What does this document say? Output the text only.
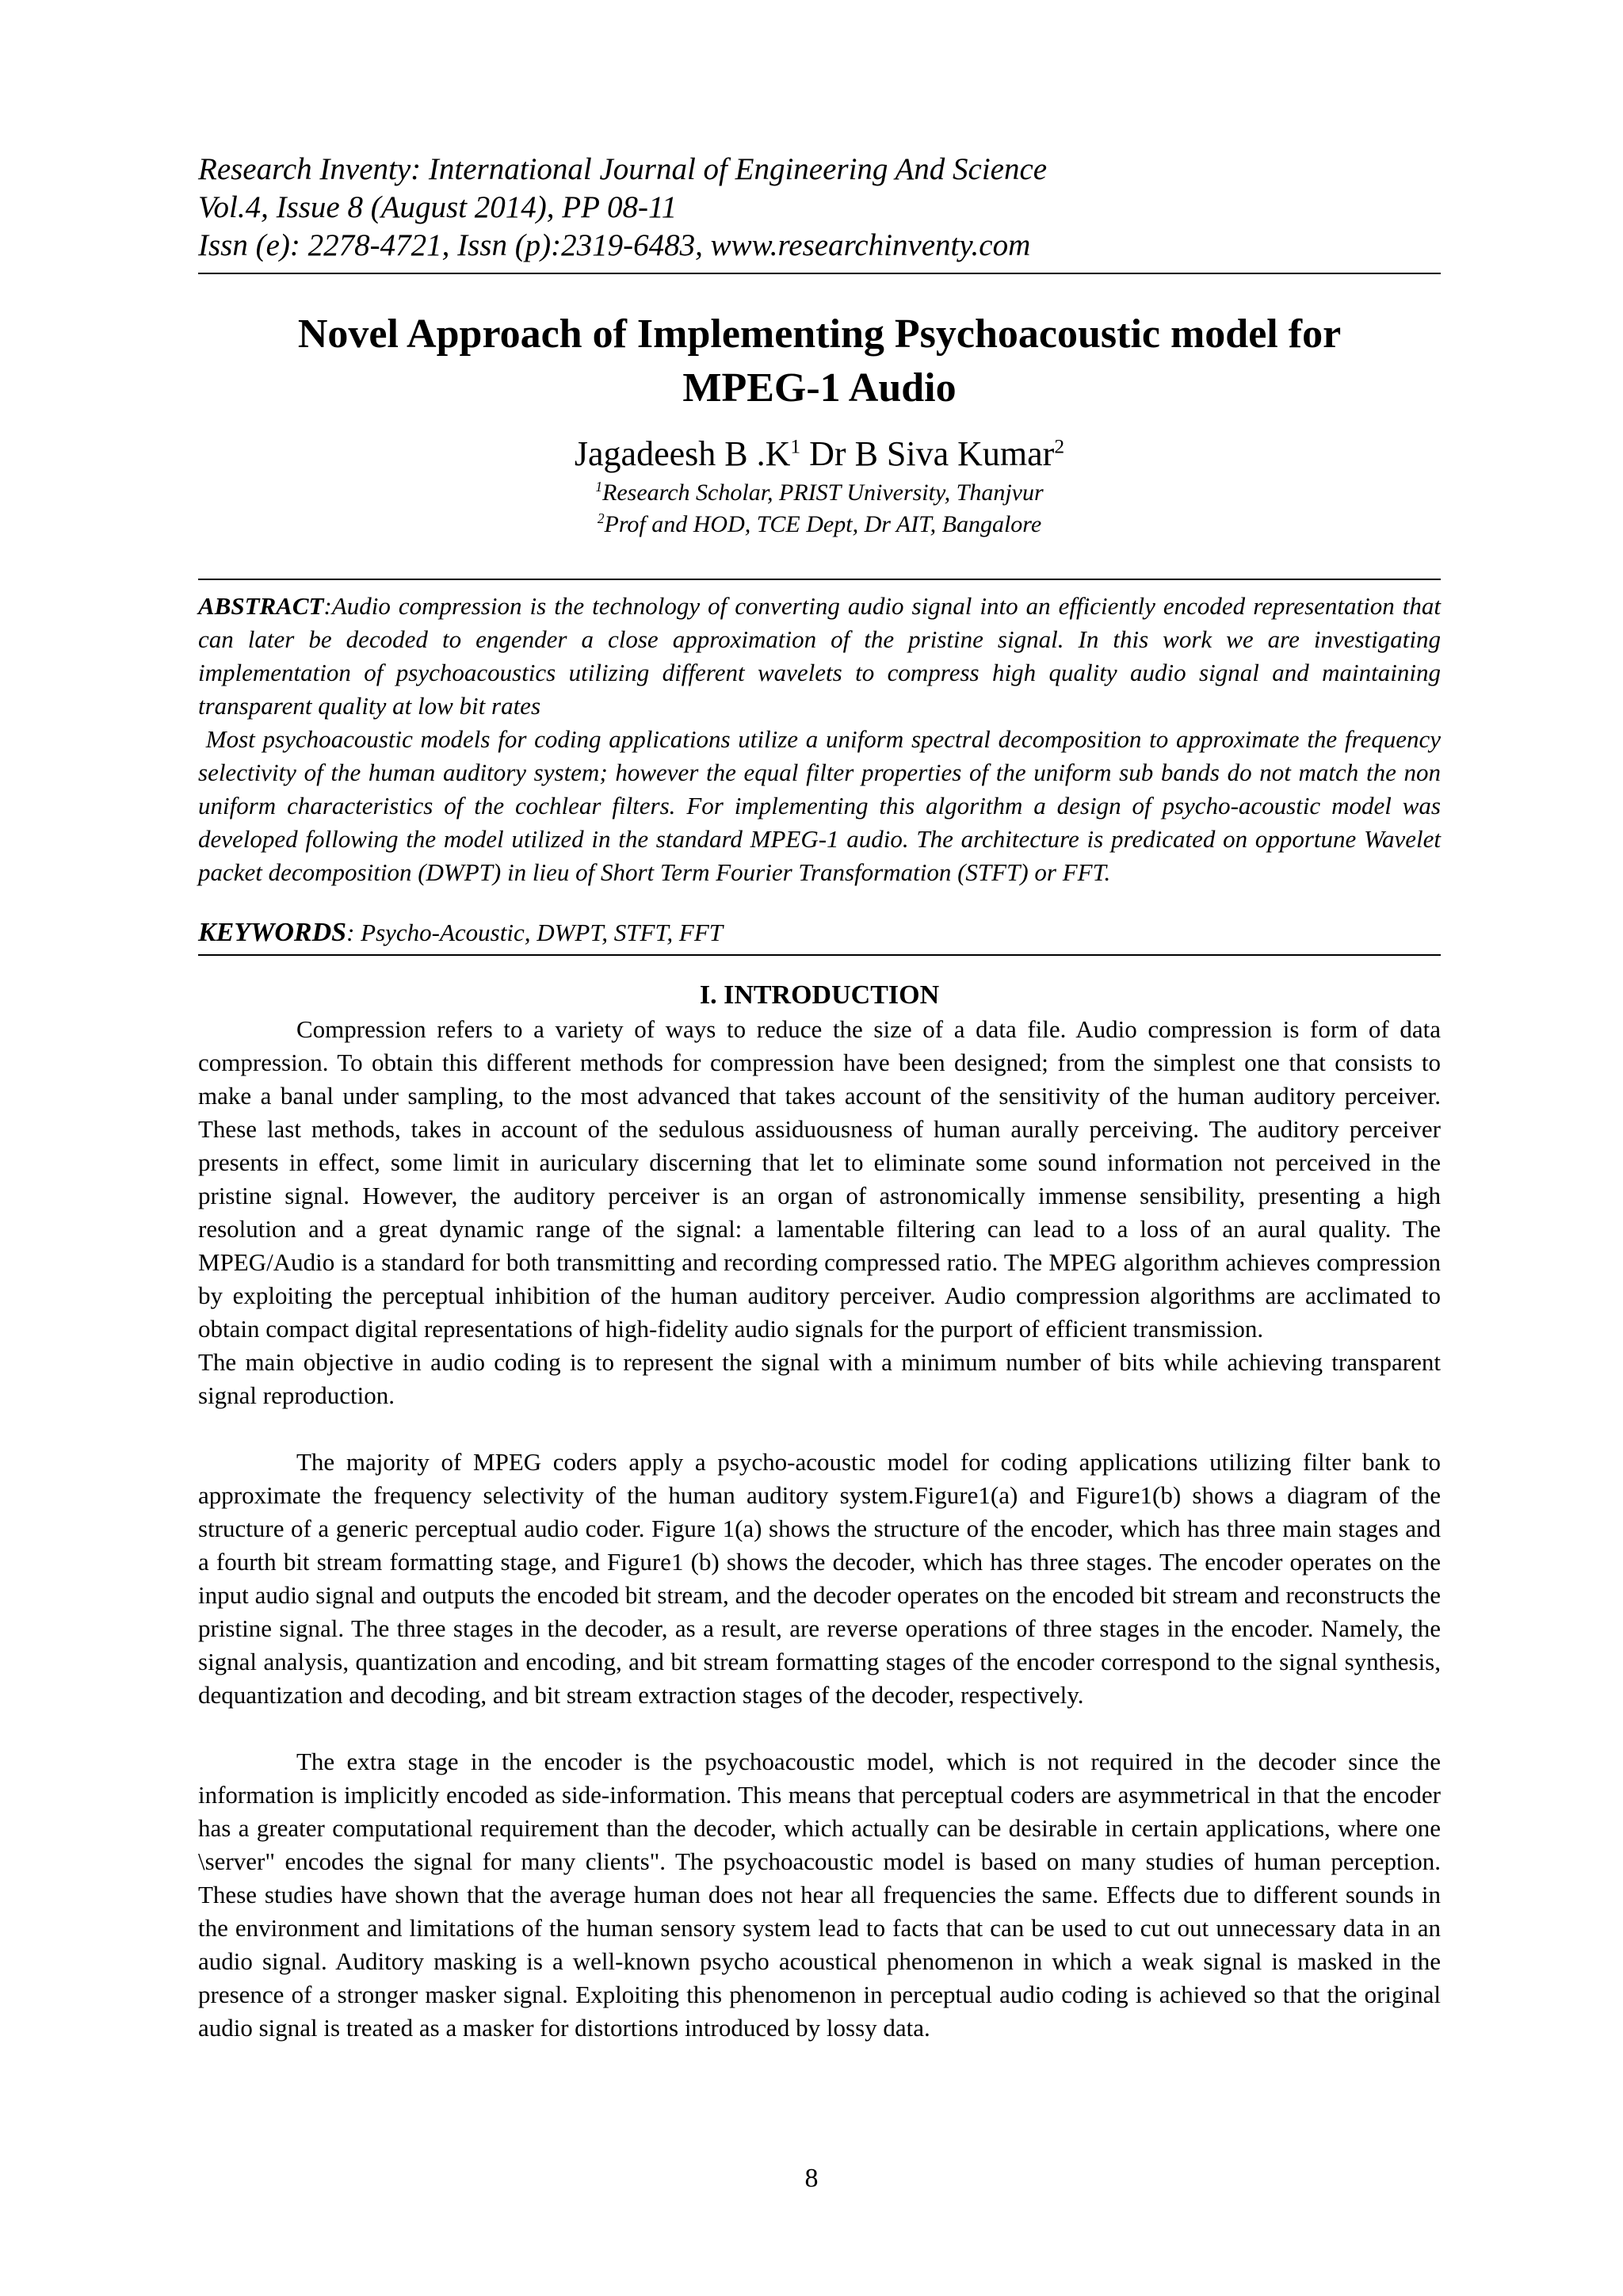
Research Inventy: International Journal of Engineering And Science

Vol.4, Issue 8 (August 2014), PP 08-11

Issn (e): 2278-4721, Issn (p):2319-6483, www.researchinventy.com

Novel Approach of Implementing Psychoacoustic model for MPEG-1 Audio
Jagadeesh B $.K^1$ Dr B Siva Kumar$^2$
$^1$Research Scholar, PRIST University, Thanjvur
$^2$Prof and HOD, TCE Dept, Dr AIT, Bangalore

ABSTRACT:Audio compression is the technology of converting audio signal into an efficiently encoded representation that can later be decoded to engender a close approximation of the pristine signal. In this work we are investigating implementation of psychoacoustics utilizing different wavelets to compress high quality audio signal and maintaining transparent quality at low bit rates

Most psychoacoustic models for coding applications utilize a uniform spectral decomposition to approximate the frequency selectivity of the human auditory system; however the equal filter properties of the uniform sub bands do not match the non uniform characteristics of the cochlear filters. For implementing this algorithm a design of psycho-acoustic model was developed following the model utilized in the standard MPEG-1 audio. The architecture is predicated on opportune Wavelet packet decomposition (DWPT) in lieu of Short Term Fourier Transformation (STFT) or FFT.

KEYWORDS: Psycho-Acoustic, DWPT, STFT, FFT
I. INTRODUCTION

Compression refers to a variety of ways to reduce the size of a data file. Audio compression is form of data compression. To obtain this different methods for compression have been designed; from the simplest one that consists to make a banal under sampling, to the most advanced that takes account of the sensitivity of the human auditory perceiver. These last methods, takes in account of the sedulous assiduousness of human aurally perceiving. The auditory perceiver presents in effect, some limit in auriculary discerning that let to eliminate some sound information not perceived in the pristine signal. However, the auditory perceiver is an organ of astronomically immense sensibility, presenting a high resolution and a great dynamic range of the signal: a lamentable filtering can lead to a loss of an aural quality. The MPEG/Audio is a standard for both transmitting and recording compressed ratio. The MPEG algorithm achieves compression by exploiting the perceptual inhibition of the human auditory perceiver. Audio compression algorithms are acclimated to obtain compact digital representations of high-fidelity audio signals for the purport of efficient transmission.

The main objective in audio coding is to represent the signal with a minimum number of bits while achieving transparent signal reproduction.

The majority of MPEG coders apply a psycho-acoustic model for coding applications utilizing filter bank to approximate the frequency selectivity of the human auditory system.Figure1(a) and Figure1(b) shows a diagram of the structure of a generic perceptual audio coder. Figure 1(a) shows the structure of the encoder, which has three main stages and a fourth bit stream formatting stage, and Figure1 (b) shows the decoder, which has three stages. The encoder operates on the input audio signal and outputs the encoded bit stream, and the decoder operates on the encoded bit stream and reconstructs the pristine signal. The three stages in the decoder, as a result, are reverse operations of three stages in the encoder. Namely, the signal analysis, quantization and encoding, and bit stream formatting stages of the encoder correspond to the signal synthesis, dequantization and decoding, and bit stream extraction stages of the decoder, respectively.

The extra stage in the encoder is the psychoacoustic model, which is not required in the decoder since the information is implicitly encoded as side-information. This means that perceptual coders are asymmetrical in that the encoder has a greater computational requirement than the decoder, which actually can be desirable in certain applications, where one \server" encodes the signal for many clients". The psychoacoustic model is based on many studies of human perception. These studies have shown that the average human does not hear all frequencies the same. Effects due to different sounds in the environment and limitations of the human sensory system lead to facts that can be used to cut out unnecessary data in an audio signal. Auditory masking is a well-known psycho acoustical phenomenon in which a weak signal is masked in the presence of a stronger masker signal. Exploiting this phenomenon in perceptual audio coding is achieved so that the original audio signal is treated as a masker for distortions introduced by lossy data.

8
